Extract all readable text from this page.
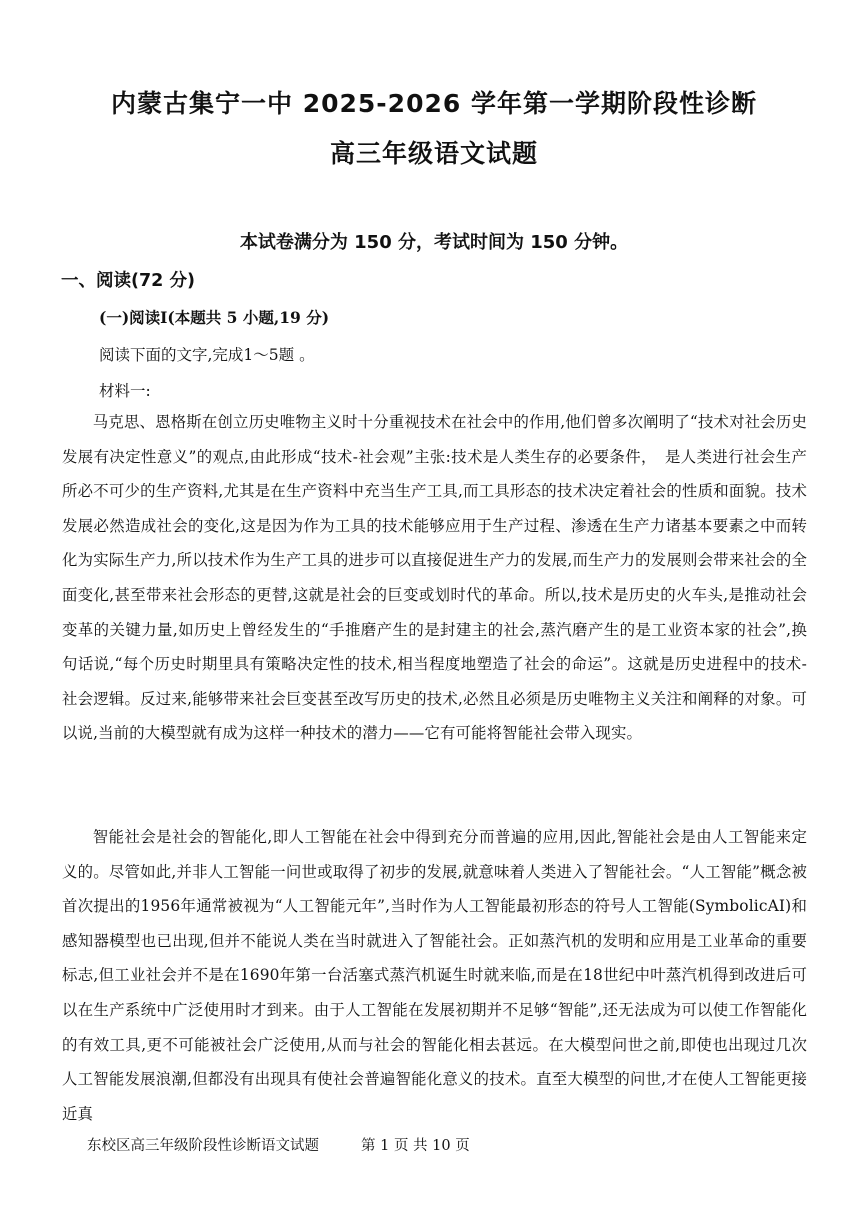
内蒙古集宁一中 2025-2026 学年第一学期阶段性诊断
高三年级语文试题
本试卷满分为 150 分，考试时间为 150 分钟。
一、阅读(72 分)
(一)阅读Ⅰ(本题共 5 小题,19 分)
阅读下面的文字,完成1～5题 。
材料一:

马克思、恩格斯在创立历史唯物主义时十分重视技术在社会中的作用,他们曾多次阐明了“技术对社会历史发展有决定性意义”的观点,由此形成“技术-社会观”主张:技术是人类生存的必要条件，　是人类进行社会生产所必不可少的生产资料,尤其是在生产资料中充当生产工具,而工具形态的技术决定着社会的性质和面貌。技术发展必然造成社会的变化,这是因为作为工具的技术能够应用于生产过程、渗透在生产力诸基本要素之中而转化为实际生产力,所以技术作为生产工具的进步可以直接促进生产力的发展,而生产力的发展则会带来社会的全面变化,甚至带来社会形态的更替,这就是社会的巨变或划时代的革命。所以,技术是历史的火车头,是推动社会变革的关键力量,如历史上曾经发生的“手推磨产生的是封建主的社会,蒸汽磨产生的是工业资本家的社会”,换句话说,“每个历史时期里具有策略决定性的技术,相当程度地塑造了社会的命运”。这就是历史进程中的技术-社会逻辑。反过来,能够带来社会巨变甚至改写历史的技术,必然且必须是历史唯物主义关注和阐释的对象。可以说,当前的大模型就有成为这样一种技术的潜力——它有可能将智能社会带入现实。

智能社会是社会的智能化,即人工智能在社会中得到充分而普遍的应用,因此,智能社会是由人工智能来定义的。尽管如此,并非人工智能一问世或取得了初步的发展,就意味着人类进入了智能社会。“人工智能”概念被首次提出的1956年通常被视为“人工智能元年”,当时作为人工智能最初形态的符号人工智能(SymbolicAI)和感知器模型也已出现,但并不能说人类在当时就进入了智能社会。正如蒸汽机的发明和应用是工业革命的重要标志,但工业社会并不是在1690年第一台活塞式蒸汽机诞生时就来临,而是在18世纪中叶蒸汽机得到改进后可以在生产系统中广泛使用时才到来。由于人工智能在发展初期并不足够“智能”,还无法成为可以使工作智能化的有效工具,更不可能被社会广泛使用,从而与社会的智能化相去甚远。在大模型问世之前,即使也出现过几次人工智能发展浪潮,但都没有出现具有使社会普遍智能化意义的技术。直至大模型的问世,才在使人工智能更接近真

东校区高三年级阶段性诊断语文试题	第 1 页 共 10 页
